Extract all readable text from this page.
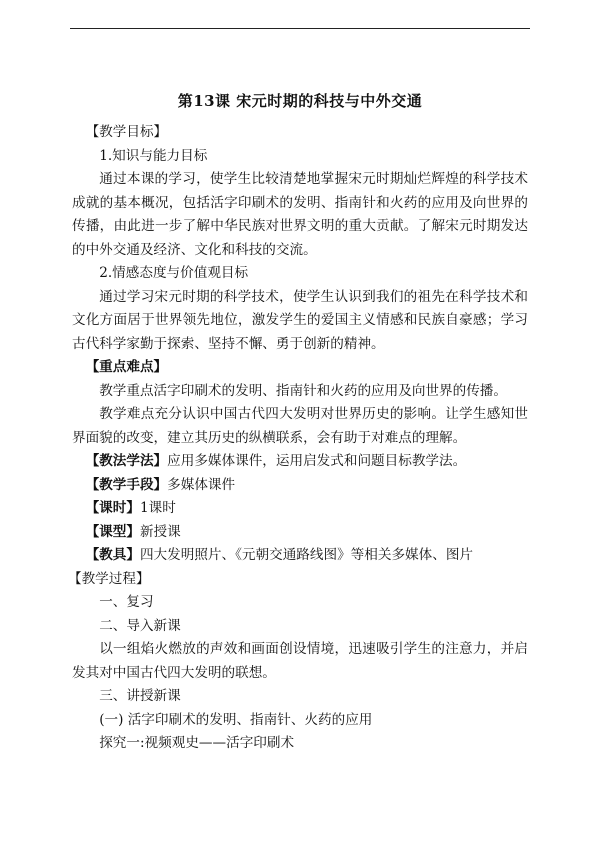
第13课 宋元时期的科技与中外交通

【教学目标】

1.知识与能力目标

通过本课的学习，使学生比较清楚地掌握宋元时期灿烂辉煌的科学技术成就的基本概况，包括活字印刷术的发明、指南针和火药的应用及向世界的传播，由此进一步了解中华民族对世界文明的重大贡献。了解宋元时期发达的中外交通及经济、文化和科技的交流。

2.情感态度与价值观目标

通过学习宋元时期的科学技术，使学生认识到我们的祖先在科学技术和文化方面居于世界领先地位，激发学生的爱国主义情感和民族自豪感；学习古代科学家勤于探索、坚持不懈、勇于创新的精神。

【重点难点】

教学重点活字印刷术的发明、指南针和火药的应用及向世界的传播。

教学难点充分认识中国古代四大发明对世界历史的影响。让学生感知世界面貌的改变，建立其历史的纵横联系，会有助于对难点的理解。

【教法学法】应用多媒体课件，运用启发式和问题目标教学法。

【教学手段】多媒体课件

【课时】1课时

【课型】新授课

【教具】四大发明照片、《元朝交通路线图》等相关多媒体、图片

【教学过程】

一、复习

二、导入新课

以一组焰火燃放的声效和画面创设情境，迅速吸引学生的注意力，并启发其对中国古代四大发明的联想。

三、讲授新课

(一) 活字印刷术的发明、指南针、火药的应用

探究一:视频观史——活字印刷术
